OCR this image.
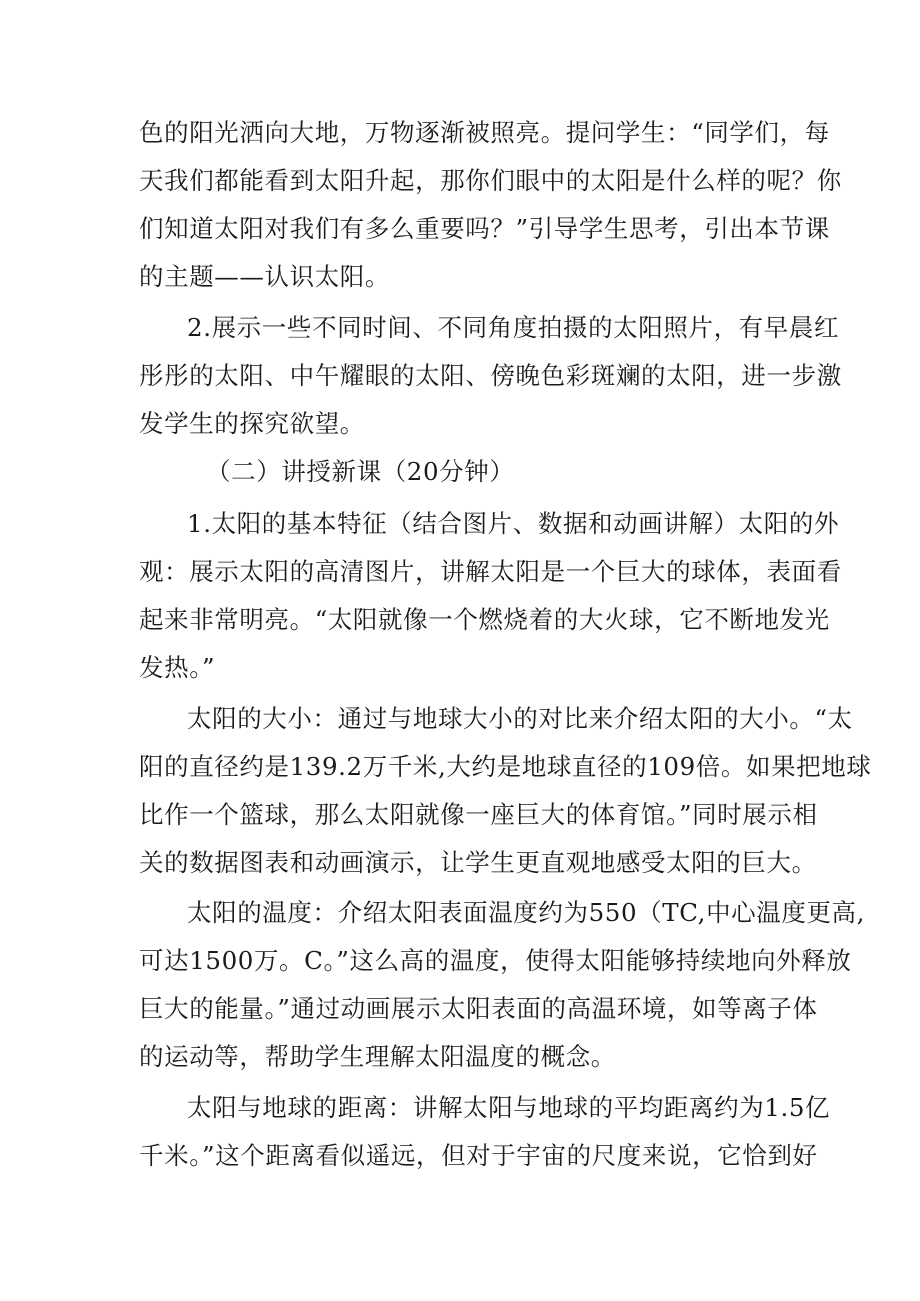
色的阳光洒向大地，万物逐渐被照亮。提问学生：“同学们，每
天我们都能看到太阳升起，那你们眼中的太阳是什么样的呢？你
们知道太阳对我们有多么重要吗？”引导学生思考，引出本节课
的主题——认识太阳。
2.展示一些不同时间、不同角度拍摄的太阳照片，有早晨红
彤彤的太阳、中午耀眼的太阳、傍晚色彩斑斓的太阳，进一步激
发学生的探究欲望。
（二）讲授新课（20分钟）
1.太阳的基本特征（结合图片、数据和动画讲解）太阳的外
观：展示太阳的高清图片，讲解太阳是一个巨大的球体，表面看
起来非常明亮。“太阳就像一个燃烧着的大火球，它不断地发光
发热。”
太阳的大小：通过与地球大小的对比来介绍太阳的大小。“太
阳的直径约是139.2万千米,大约是地球直径的109倍。如果把地球
比作一个篮球，那么太阳就像一座巨大的体育馆。”同时展示相
关的数据图表和动画演示，让学生更直观地感受太阳的巨大。
太阳的温度：介绍太阳表面温度约为550（TC,中心温度更高,
可达1500万。C。”这么高的温度，使得太阳能够持续地向外释放
巨大的能量。”通过动画展示太阳表面的高温环境，如等离子体
的运动等，帮助学生理解太阳温度的概念。
太阳与地球的距离：讲解太阳与地球的平均距离约为1.5亿
千米。”这个距离看似遥远，但对于宇宙的尺度来说，它恰到好
